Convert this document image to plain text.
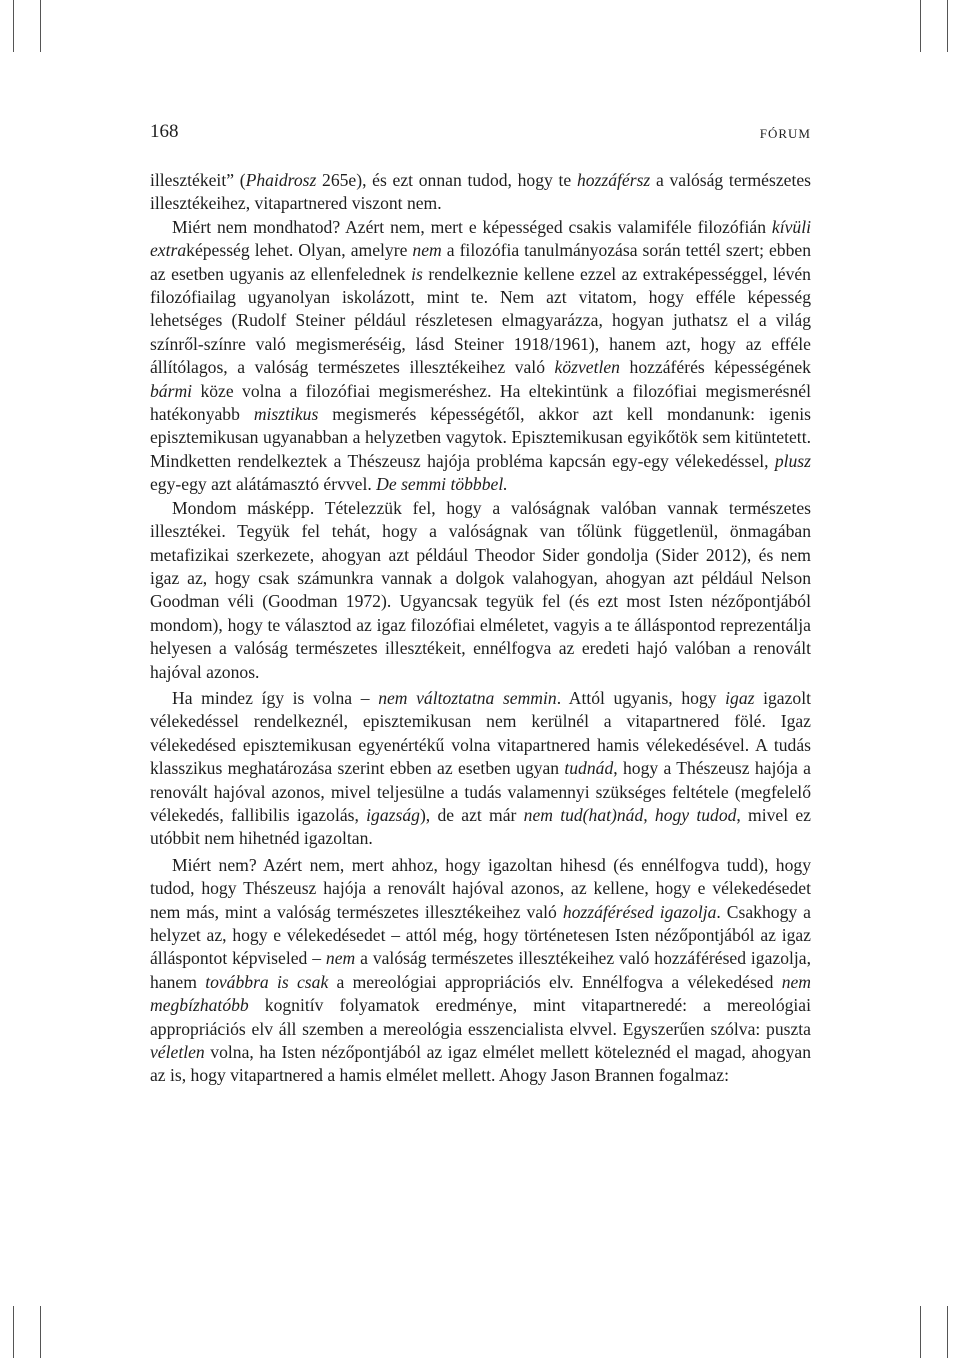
168	FÓRUM

illesztékeit” (Phaidrosz 265e), és ezt onnan tudod, hogy te hozzáférsz a valóság természetes illesztékeihez, vitapartnered viszont nem.

Miért nem mondhatod? Azért nem, mert e képességed csakis valamiféle filozófián kívüli extraképesség lehet. Olyan, amelyre nem a filozófia tanulmányozása során tettél szert; ebben az esetben ugyanis az ellenfelednek is rendelkeznie kellene ezzel az extraképességgel, lévén filozófiailag ugyanolyan iskolázott, mint te. Nem azt vitatom, hogy efféle képesség lehetséges (Rudolf Steiner például részletesen elmagyarázza, hogyan juthatsz el a világ színről-színre való megismeréséig, lásd Steiner 1918/1961), hanem azt, hogy az efféle állítólagos, a valóság természetes illesztékeihez való közvetlen hozzáférés képességének bármi köze volna a filozófiai megismeréshez. Ha eltekintünk a filozófiai megismerésnél hatékonyabb misztikus megismerés képességétől, akkor azt kell mondanunk: igenis episztemikusan ugyanabban a helyzetben vagytok. Episztemikusan egyikőtök sem kitüntetett. Mindketten rendelkeztek a Thészeusz hajója probléma kapcsán egy-egy vélekedéssel, plusz egy-egy azt alátámasztó érvvel. De semmi többbel.

Mondom másképp. Tételezzük fel, hogy a valóságnak valóban vannak természetes illesztékei. Tegyük fel tehát, hogy a valóságnak van tőlünk függetlenül, önmagában metafizikai szerkezete, ahogyan azt például Theodor Sider gondolja (Sider 2012), és nem igaz az, hogy csak számunkra vannak a dolgok valahogyan, ahogyan azt például Nelson Goodman véli (Goodman 1972). Ugyancsak tegyük fel (és ezt most Isten nézőpontjából mondom), hogy te választod az igaz filozófiai elméletet, vagyis a te álláspontod reprezentálja helyesen a valóság természetes illesztékeit, ennélfogva az eredeti hajó valóban a renovált hajóval azonos.

Ha mindez így is volna – nem változtatna semmin. Attól ugyanis, hogy igaz igazolt vélekedéssel rendelkeznél, episztemikusan nem kerülnél a vitapartnered fölé. Igaz vélekedésed episztemikusan egyenértékű volna vitapartnered hamis vélekedésével. A tudás klasszikus meghatározása szerint ebben az esetben ugyan tudnád, hogy a Thészeusz hajója a renovált hajóval azonos, mivel teljesülne a tudás valamennyi szükséges feltétele (megfelelő vélekedés, fallibilis igazolás, igazság), de azt már nem tud(hat)nád, hogy tudod, mivel ez utóbbit nem hihetnéd igazoltan.

Miért nem? Azért nem, mert ahhoz, hogy igazoltan hihesd (és ennélfogva tudd), hogy tudod, hogy Thészeusz hajója a renovált hajóval azonos, az kellene, hogy e vélekedésedet nem más, mint a valóság természetes illesztékeihez való hozzáférésed igazolja. Csakhogy a helyzet az, hogy e vélekedésedet – attól még, hogy történetesen Isten nézőpontjából az igaz álláspontot képviseled – nem a valóság természetes illesztékeihez való hozzáférésed igazolja, hanem továbbra is csak a mereológiai appropriációs elv. Ennélfogva a vélekedésed nem megbízhatóbb kognitív folyamatok eredménye, mint vitapartneredé: a mereológiai appropriációs elv áll szemben a mereológia esszencialista elvvel. Egyszerűen szólva: puszta véletlen volna, ha Isten nézőpontjából az igaz elmélet mellett köteleznéd el magad, ahogyan az is, hogy vitapartnered a hamis elmélet mellett. Ahogy Jason Brannen fogalmaz:
